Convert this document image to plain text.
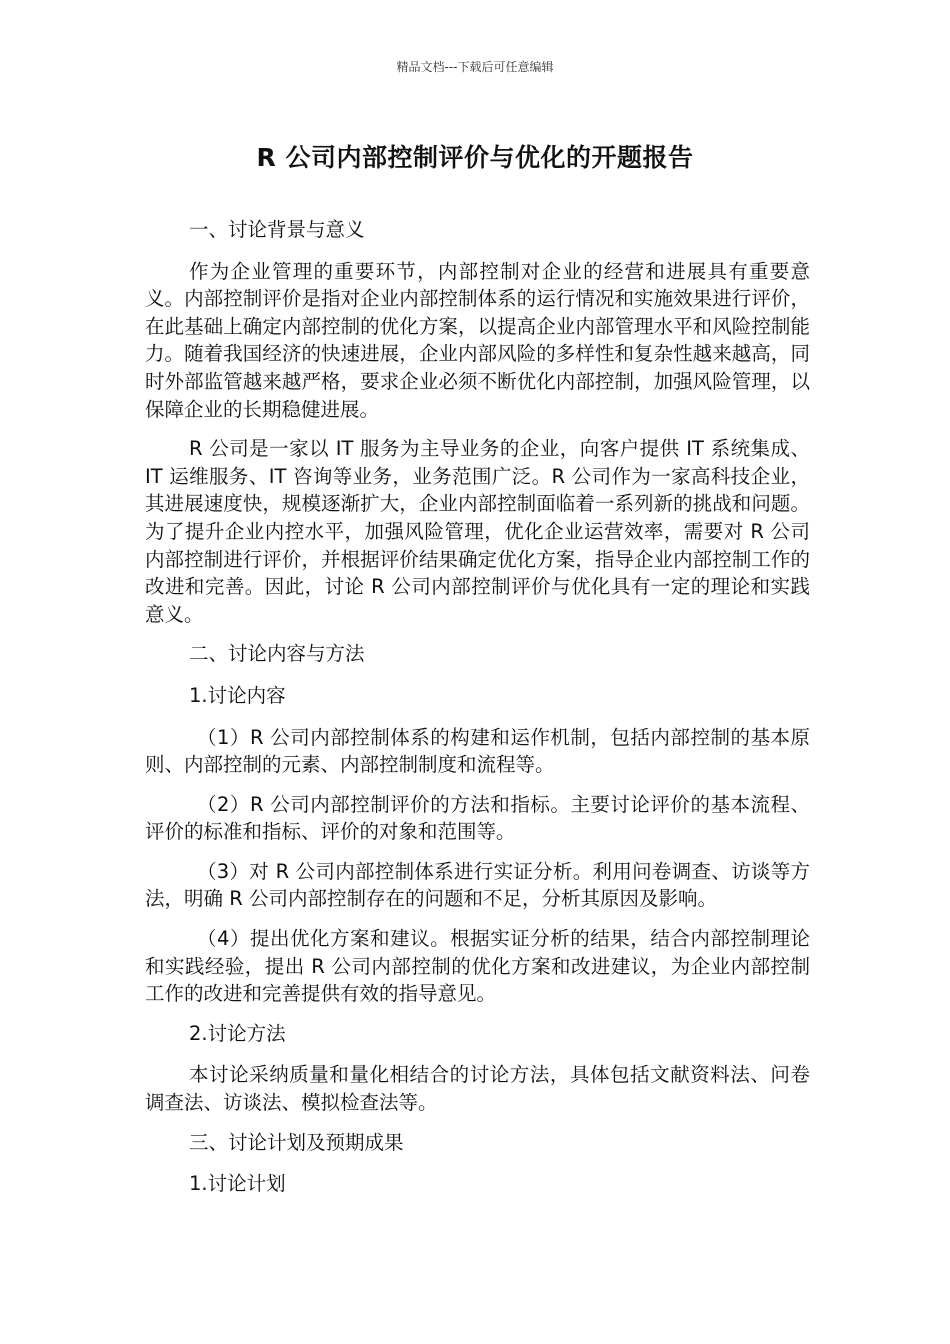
精品文档---下载后可任意编辑
R 公司内部控制评价与优化的开题报告

一、讨论背景与意义

作为企业管理的重要环节，内部控制对企业的经营和进展具有重要意义。内部控制评价是指对企业内部控制体系的运行情况和实施效果进行评价，在此基础上确定内部控制的优化方案，以提高企业内部管理水平和风险控制能力。随着我国经济的快速进展，企业内部风险的多样性和复杂性越来越高，同时外部监管越来越严格，要求企业必须不断优化内部控制，加强风险管理，以保障企业的长期稳健进展。

R 公司是一家以 IT 服务为主导业务的企业，向客户提供 IT 系统集成、IT 运维服务、IT 咨询等业务，业务范围广泛。R 公司作为一家高科技企业，其进展速度快，规模逐渐扩大，企业内部控制面临着一系列新的挑战和问题。为了提升企业内控水平，加强风险管理，优化企业运营效率，需要对 R 公司内部控制进行评价，并根据评价结果确定优化方案，指导企业内部控制工作的改进和完善。因此，讨论 R 公司内部控制评价与优化具有一定的理论和实践意义。

二、讨论内容与方法

1.讨论内容

（1）R 公司内部控制体系的构建和运作机制，包括内部控制的基本原则、内部控制的元素、内部控制制度和流程等。

（2）R 公司内部控制评价的方法和指标。主要讨论评价的基本流程、评价的标准和指标、评价的对象和范围等。

（3）对 R 公司内部控制体系进行实证分析。利用问卷调查、访谈等方法，明确 R 公司内部控制存在的问题和不足，分析其原因及影响。

（4）提出优化方案和建议。根据实证分析的结果，结合内部控制理论和实践经验，提出 R 公司内部控制的优化方案和改进建议，为企业内部控制工作的改进和完善提供有效的指导意见。

2.讨论方法

本讨论采纳质量和量化相结合的讨论方法，具体包括文献资料法、问卷调查法、访谈法、模拟检查法等。

三、讨论计划及预期成果

1.讨论计划
